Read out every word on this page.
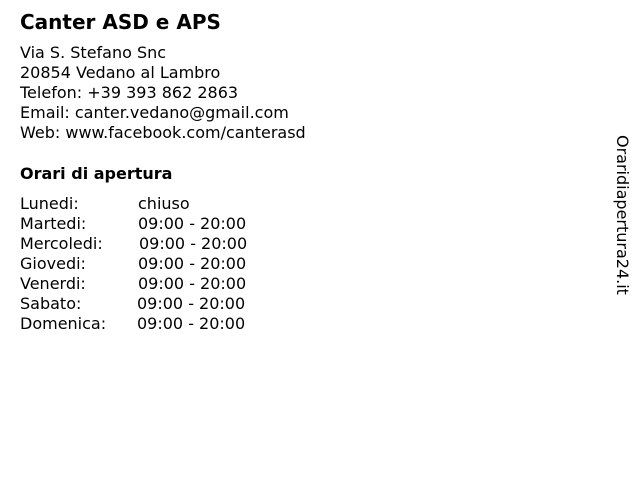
Canter ASD e APS
Via S. Stefano Snc
20854 Vedano al Lambro
Telefon: +39 393 862 2863
Email: canter.vedano@gmail.com
Web: www.facebook.com/canterasd
Orari di apertura
Lunedi:	chiuso
Martedi:	09:00 - 20:00
Mercoledi: 09:00 - 20:00
Giovedi:	09:00 - 20:00
Venerdi:	09:00 - 20:00
Sabato:	09:00 - 20:00
Domenica: 09:00 - 20:00
Oraridiapertura24.it
